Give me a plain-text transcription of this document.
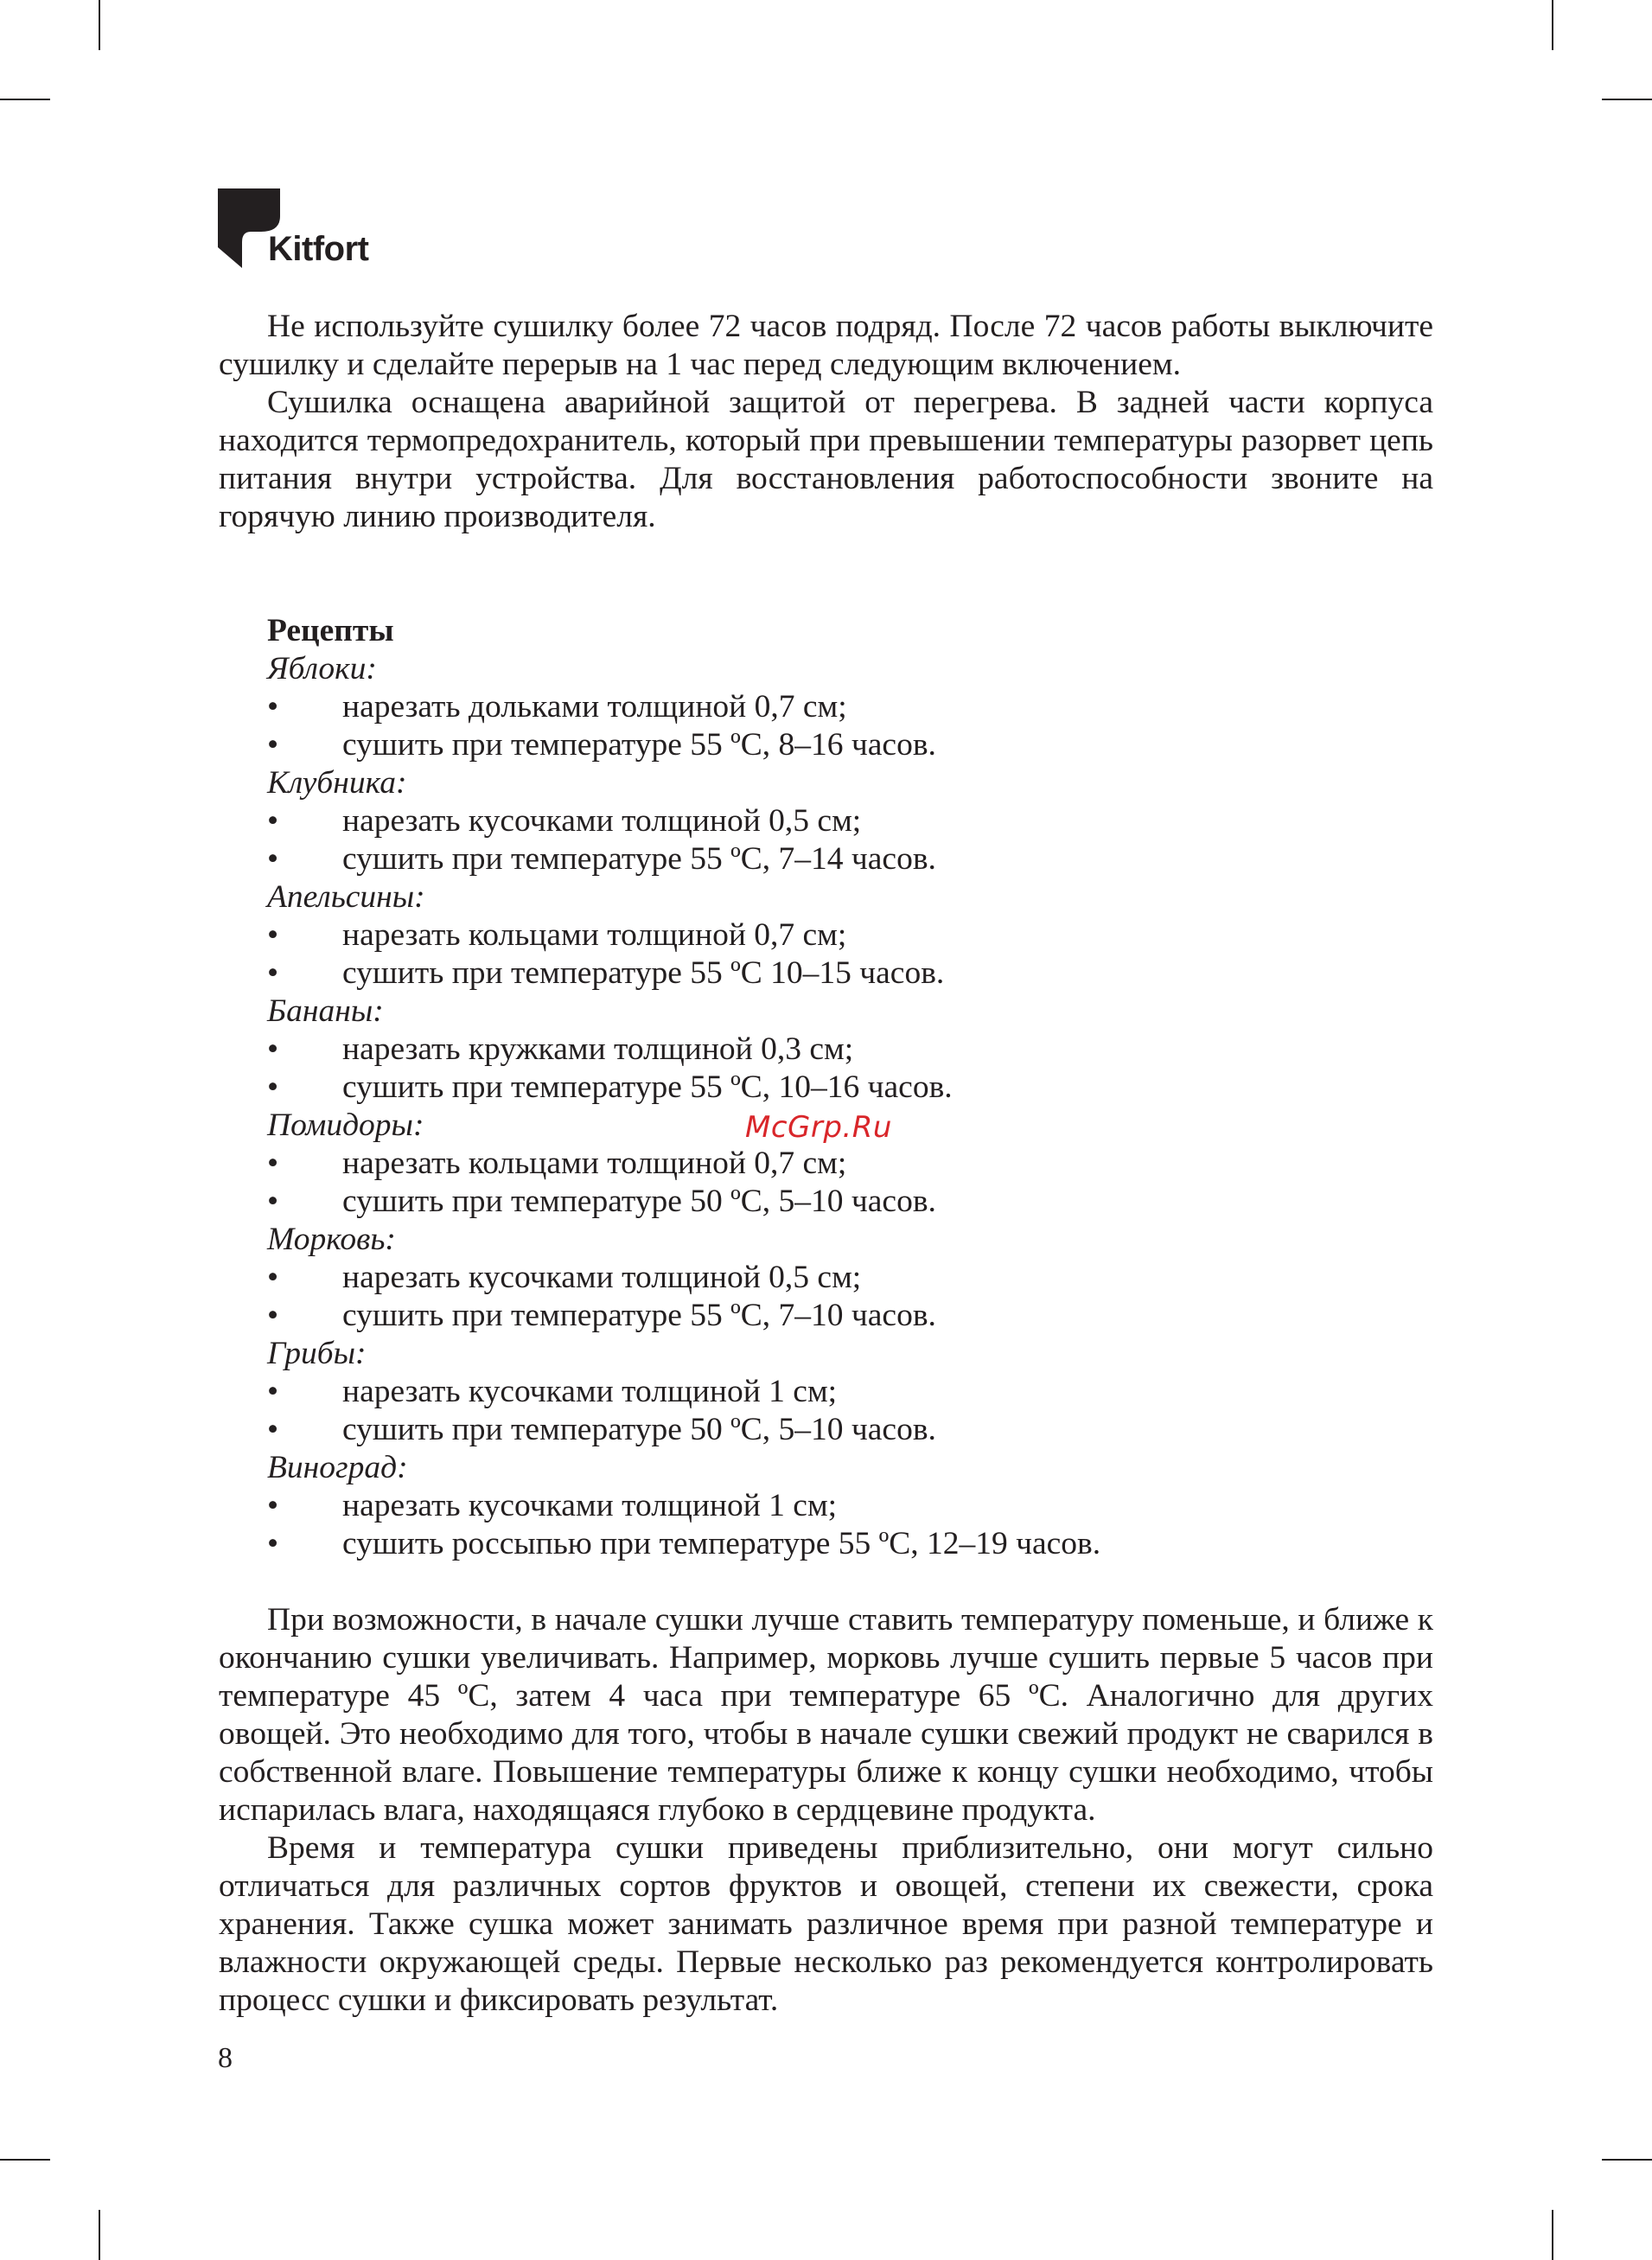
Kitfort

Не используйте сушилку более 72 часов подряд. После 72 часов работы выключите сушилку и сделайте перерыв на 1 час перед следующим включением.

Сушилка оснащена аварийной защитой от перегрева. В задней части корпуса находится термопредохранитель, который при превышении температуры разорвет цепь питания внутри устройства. Для восстановления работоспособности звоните на горячую линию производителя.

Рецепты

Яблоки:

• нарезать дольками толщиной 0,7 см;

• сушить при температуре 55 ºС, 8–16 часов.

Клубника:

• нарезать кусочками толщиной 0,5 см;

• сушить при температуре 55 ºС, 7–14 часов.

Апельсины:

• нарезать кольцами толщиной 0,7 см;

• сушить при температуре 55 ºС 10–15 часов.

Бананы:

• нарезать кружками толщиной 0,3 см;

• сушить при температуре 55 ºС, 10–16 часов.

Помидоры:

• нарезать кольцами толщиной 0,7 см;

• сушить при температуре 50 ºС, 5–10 часов.

Морковь:

• нарезать кусочками толщиной 0,5 см;

• сушить при температуре 55 ºС, 7–10 часов.

Грибы:

• нарезать кусочками толщиной 1 см;

• сушить при температуре 50 ºС, 5–10 часов.

Виноград:

• нарезать кусочками толщиной 1 см;

• сушить россыпью при температуре 55 ºС, 12–19 часов.

При возможности, в начале сушки лучше ставить температуру поменьше, и ближе к окончанию сушки увеличивать. Например, морковь лучше сушить первые 5 часов при температуре 45 ºС, затем 4 часа при температуре 65 ºС. Аналогично для других овощей. Это необходимо для того, чтобы в начале сушки свежий продукт не сварился в собственной влаге. Повышение температуры ближе к концу сушки необходимо, чтобы испарилась влага, находящаяся глубоко в сердцевине продукта.

Время и температура сушки приведены приблизительно, они могут сильно отличаться для различных сортов фруктов и овощей, степени их свежести, срока хранения. Также сушка может занимать различное время при разной температуре и влажности окружающей среды. Первые несколько раз рекомендуется контролировать процесс сушки и фиксировать результат.

McGrp.Ru
8
